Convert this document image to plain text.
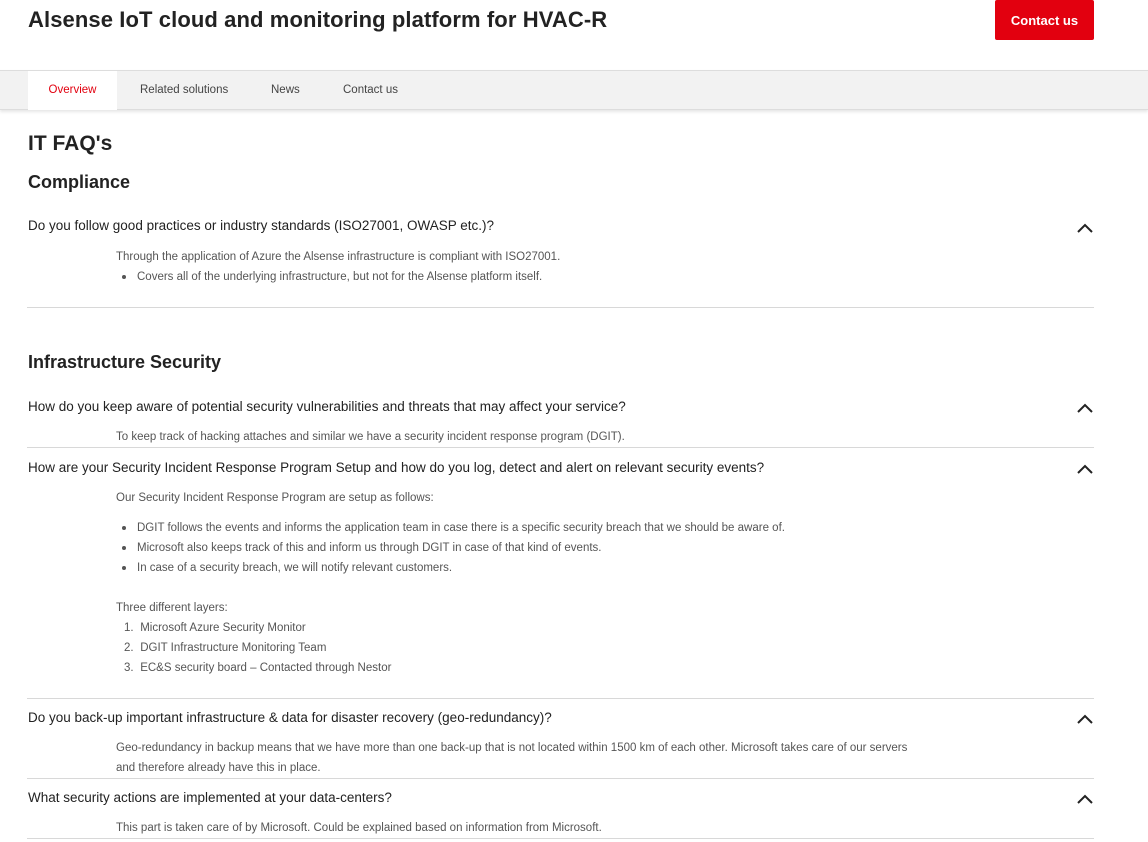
Alsense IoT cloud and monitoring platform for HVAC-R	Contact us
Overview	Related solutions	News	Contact us
IT FAQ's
Compliance
Do you follow good practices or industry standards (ISO27001, OWASP etc.)?

Through the application of Azure the Alsense infrastructure is compliant with ISO27001.

Covers all of the underlying infrastructure, but not for the Alsense platform itself.
Infrastructure Security
How do you keep aware of potential security vulnerabilities and threats that may affect your service?

To keep track of hacking attaches and similar we have a security incident response program (DGIT).

How are your Security Incident Response Program Setup and how do you log, detect and alert on relevant security events?

Our Security Incident Response Program are setup as follows:

DGIT follows the events and informs the application team in case there is a specific security breach that we should be aware of.
Microsoft also keeps track of this and inform us through DGIT in case of that kind of events.
In case of a security breach, we will notify relevant customers.

Three different layers:

1. Microsoft Azure Security Monitor
2. DGIT Infrastructure Monitoring Team
3. EC&S security board – Contacted through Nestor
Do you back-up important infrastructure & data for disaster recovery (geo-redundancy)?

Geo-redundancy in backup means that we have more than one back-up that is not located within 1500 km of each other. Microsoft takes care of our servers

and therefore already have this in place.

What security actions are implemented at your data-centers?

This part is taken care of by Microsoft. Could be explained based on information from Microsoft.
